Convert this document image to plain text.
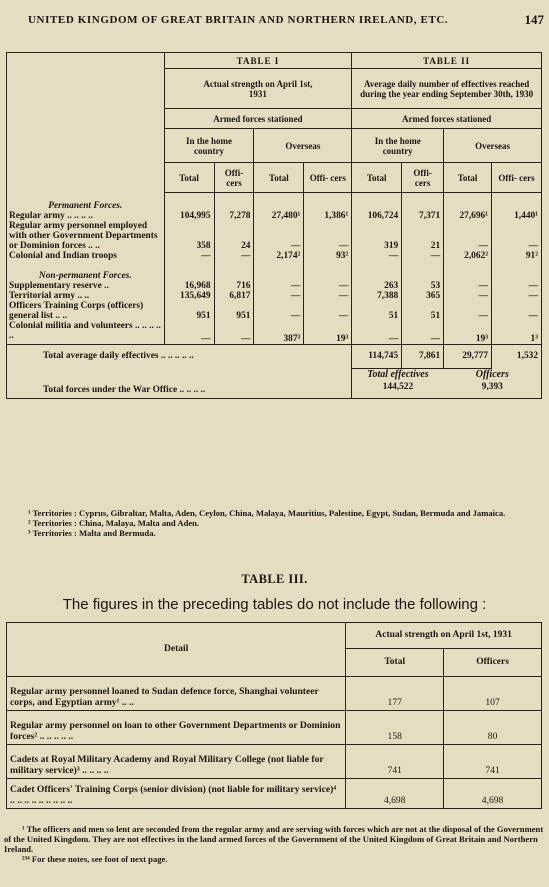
UNITED KINGDOM OF GREAT BRITAIN AND NORTHERN IRELAND, ETC.	147
	TABLE I				TABLE II			
	Actual strength on April 1st, 1931				Average daily number of effectives reached during the year ending September 30th, 1930			
	Armed forces stationed				Armed forces stationed			
	In the home country		Overseas		In the home country		Overseas	
	Total	Offi- cers	Total	Offi- cers	Total	Offi- cers	Total	Offi- cers
Permanent Forces.								
Regular army .. .. .. ..	104,995	7,278	27,480¹	1,386¹	106,724	7,371	27,696¹	1,440¹
Regular army personnel employed with other Government Departments or Dominion forces .. ..	358	24	—	—	319	21	—	—
Colonial and Indian troops	—	—	2,174²	93²	—	—	2,062²	91²
Non-permanent Forces.								
Supplementary reserve ..	16,968	716	—	—	263	53	—	—
Territorial army .. ..	135,649	6,817	—	—	7,388	365	—	—
Officers Training Corps (officers) general list .. ..	951	951	—	—	51	51	—	—
Colonial militia and volunteers .. .. .. .. ..	—	—	387³	19³	—	—	19³	1³
Total average daily effectives .. .. .. .. ..					114,745	7,861	29,777	1,532
					Total effectives		Officers	
Total forces under the War Office .. .. .. ..					144,522		9,393	

¹ Territories : Cyprus, Gibraltar, Malta, Aden, Ceylon, China, Malaya, Mauritius, Palestine, Egypt, Sudan, Bermuda and Jamaica.

² Territories : China, Malaya, Malta and Aden.

³ Territories : Malta and Bermuda.

TABLE III.
The figures in the preceding tables do not include the following :
Detail	Actual strength on April 1st, 1931	
	Total	Officers
Regular army personnel loaned to Sudan defence force, Shanghai volunteer corps, and Egyptian army¹ .. ..	177	107
Regular army personnel on loan to other Government Departments or Dominion forces² .. .. .. .. ..	158	80
Cadets at Royal Military Academy and Royal Military College (not liable for military service)³ .. .. .. ..	741	741
Cadet Officers' Training Corps (senior division) (not liable for military service)⁴ .. .. .. .. .. .. .. .. ..	4,698	4,698

¹ The officers and men so lent are seconded from the regular army and are serving with forces which are not at the disposal of the Government of the United Kingdom. They are not effectives in the land armed forces of the Government of the United Kingdom of Great Britain and Northern Ireland.

²³⁴ For these notes, see foot of next page.
